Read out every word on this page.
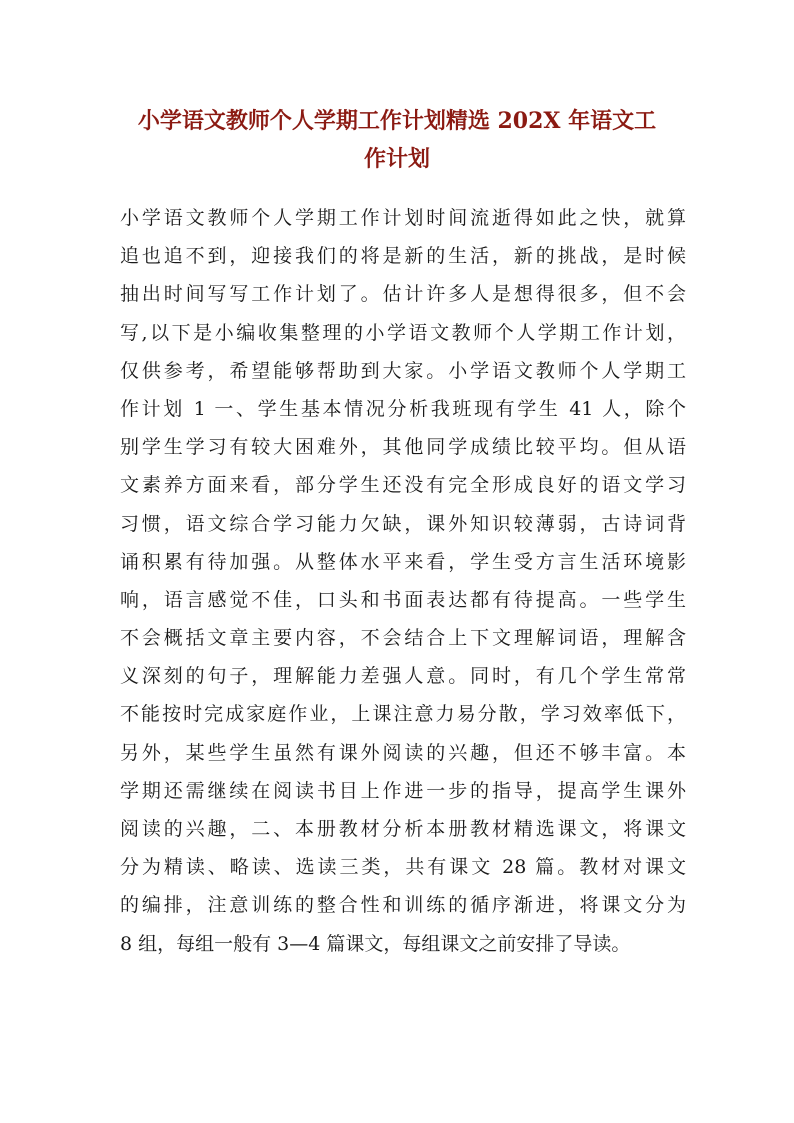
小学语文教师个人学期工作计划精选 202X 年语文工
作计划
小学语文教师个人学期工作计划时间流逝得如此之快，就算
追也追不到，迎接我们的将是新的生活，新的挑战，是时候
抽出时间写写工作计划了。估计许多人是想得很多，但不会
写,以下是小编收集整理的小学语文教师个人学期工作计划，
仅供参考，希望能够帮助到大家。小学语文教师个人学期工
作计划 1 一、学生基本情况分析我班现有学生 41 人，除个
别学生学习有较大困难外，其他同学成绩比较平均。但从语
文素养方面来看，部分学生还没有完全形成良好的语文学习
习惯，语文综合学习能力欠缺，课外知识较薄弱，古诗词背
诵积累有待加强。从整体水平来看，学生受方言生活环境影
响，语言感觉不佳，口头和书面表达都有待提高。一些学生
不会概括文章主要内容，不会结合上下文理解词语，理解含
义深刻的句子，理解能力差强人意。同时，有几个学生常常
不能按时完成家庭作业，上课注意力易分散，学习效率低下，
另外，某些学生虽然有课外阅读的兴趣，但还不够丰富。本
学期还需继续在阅读书目上作进一步的指导，提高学生课外
阅读的兴趣，二、本册教材分析本册教材精选课文，将课文
分为精读、略读、选读三类，共有课文 28 篇。教材对课文
的编排，注意训练的整合性和训练的循序渐进，将课文分为
8 组，每组一般有 3—4 篇课文，每组课文之前安排了导读。
